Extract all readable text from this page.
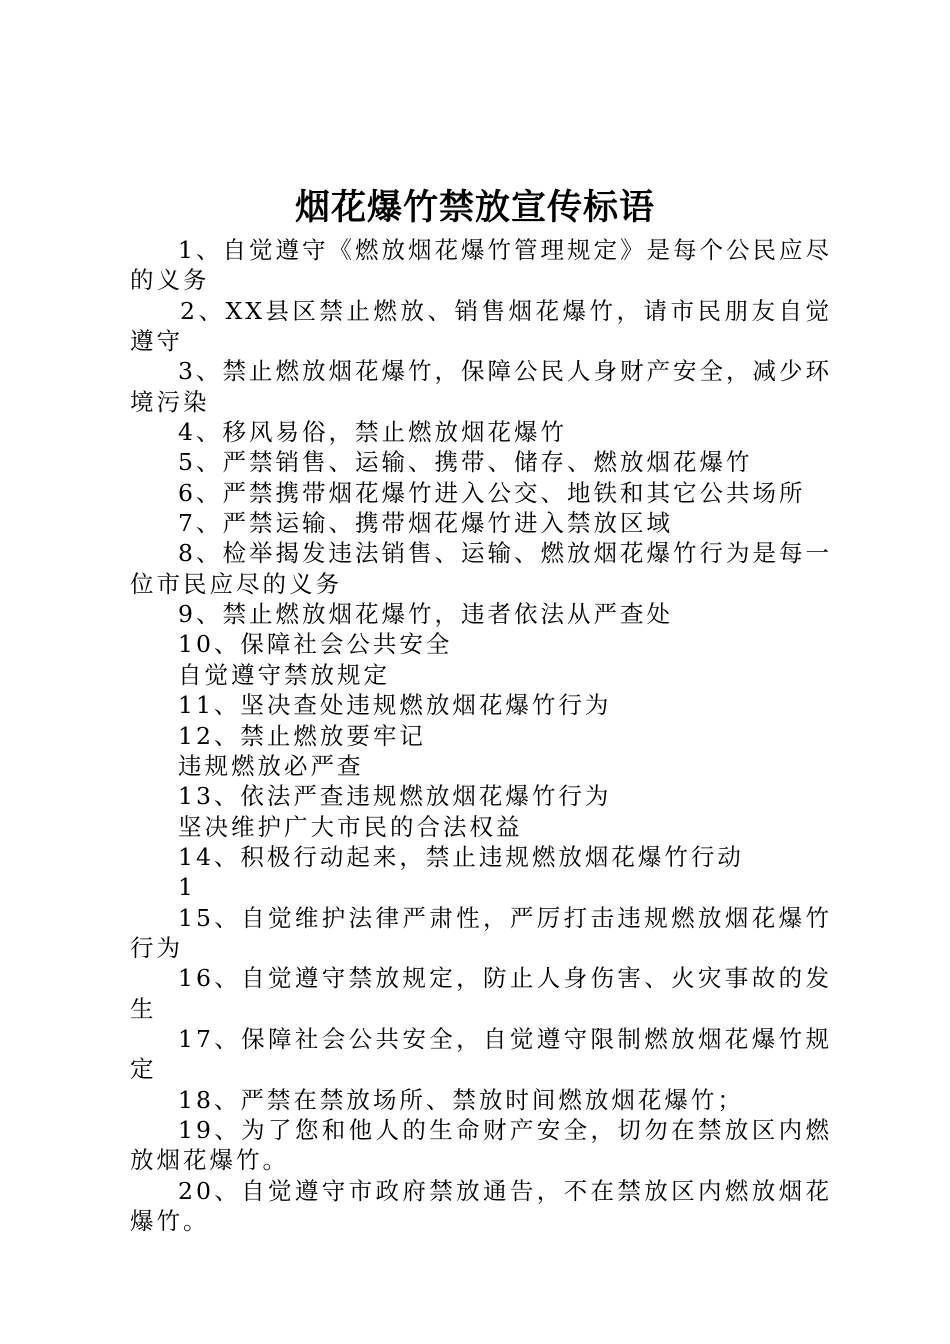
烟花爆竹禁放宣传标语

1、自觉遵守《燃放烟花爆竹管理规定》是每个公民应尽的义务

2、XX县区禁止燃放、销售烟花爆竹，请市民朋友自觉遵守

3、禁止燃放烟花爆竹，保障公民人身财产安全，减少环境污染

4、移风易俗，禁止燃放烟花爆竹

5、严禁销售、运输、携带、储存、燃放烟花爆竹

6、严禁携带烟花爆竹进入公交、地铁和其它公共场所

7、严禁运输、携带烟花爆竹进入禁放区域

8、检举揭发违法销售、运输、燃放烟花爆竹行为是每一位市民应尽的义务

9、禁止燃放烟花爆竹，违者依法从严查处

10、保障社会公共安全

自觉遵守禁放规定

11、坚决查处违规燃放烟花爆竹行为

12、禁止燃放要牢记

违规燃放必严查

13、依法严查违规燃放烟花爆竹行为

坚决维护广大市民的合法权益

14、积极行动起来，禁止违规燃放烟花爆竹行动

1

15、自觉维护法律严肃性，严厉打击违规燃放烟花爆竹行为

16、自觉遵守禁放规定，防止人身伤害、火灾事故的发生

17、保障社会公共安全，自觉遵守限制燃放烟花爆竹规定

18、严禁在禁放场所、禁放时间燃放烟花爆竹；

19、为了您和他人的生命财产安全，切勿在禁放区内燃放烟花爆竹。

20、自觉遵守市政府禁放通告，不在禁放区内燃放烟花爆竹。
